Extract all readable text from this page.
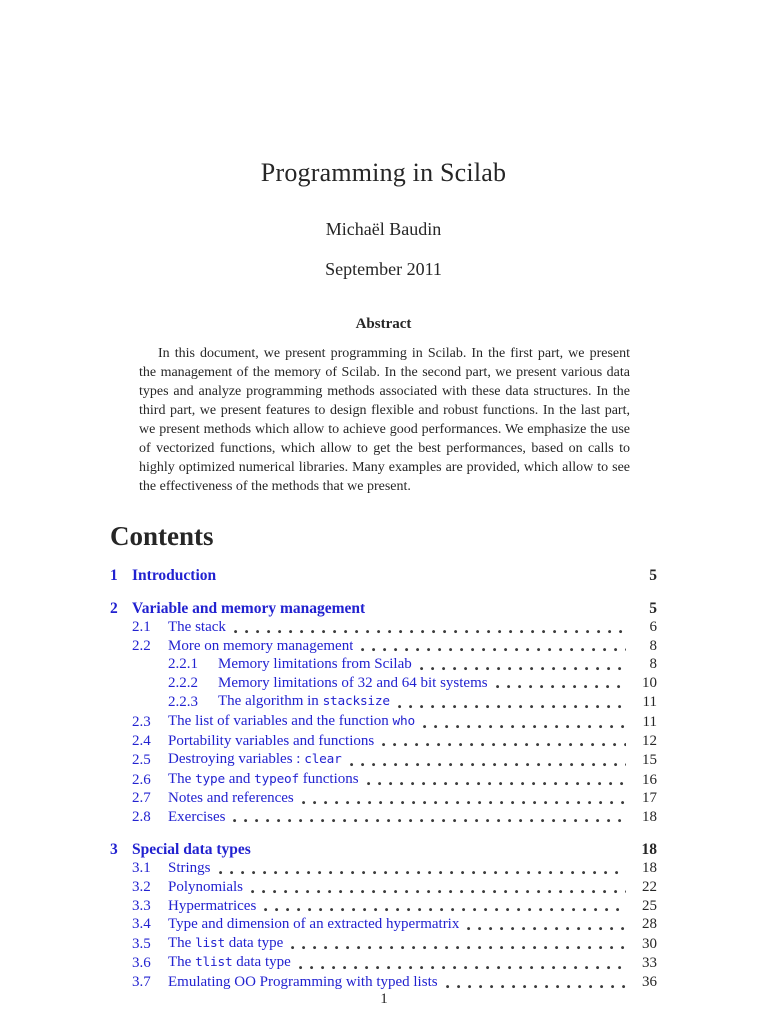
Programming in Scilab
Michaël Baudin
September 2011
Abstract

In this document, we present programming in Scilab. In the first part, we present the management of the memory of Scilab. In the second part, we present various data types and analyze programming methods associated with these data structures. In the third part, we present features to design flexible and robust functions. In the last part, we present methods which allow to achieve good performances. We emphasize the use of vectorized functions, which allow to get the best performances, based on calls to highly optimized numerical libraries. Many examples are provided, which allow to see the effectiveness of the methods that we present.

Contents
1 Introduction	5
2 Variable and memory management	5
2.1	The stack	6
2.2	More on memory management	8
2.2.1	Memory limitations from Scilab	8
2.2.2	Memory limitations of 32 and 64 bit systems	10
2.2.3	The algorithm in stacksize	11
2.3	The list of variables and the function who	11
2.4	Portability variables and functions	12
2.5	Destroying variables : clear	15
2.6	The type and typeof functions	16
2.7	Notes and references	17
2.8	Exercises	18
3 Special data types	18
3.1	Strings	18
3.2	Polynomials	22
3.3	Hypermatrices	25
3.4	Type and dimension of an extracted hypermatrix	28
3.5	The list data type	30
3.6	The tlist data type	33
3.7	Emulating OO Programming with typed lists	36
1
